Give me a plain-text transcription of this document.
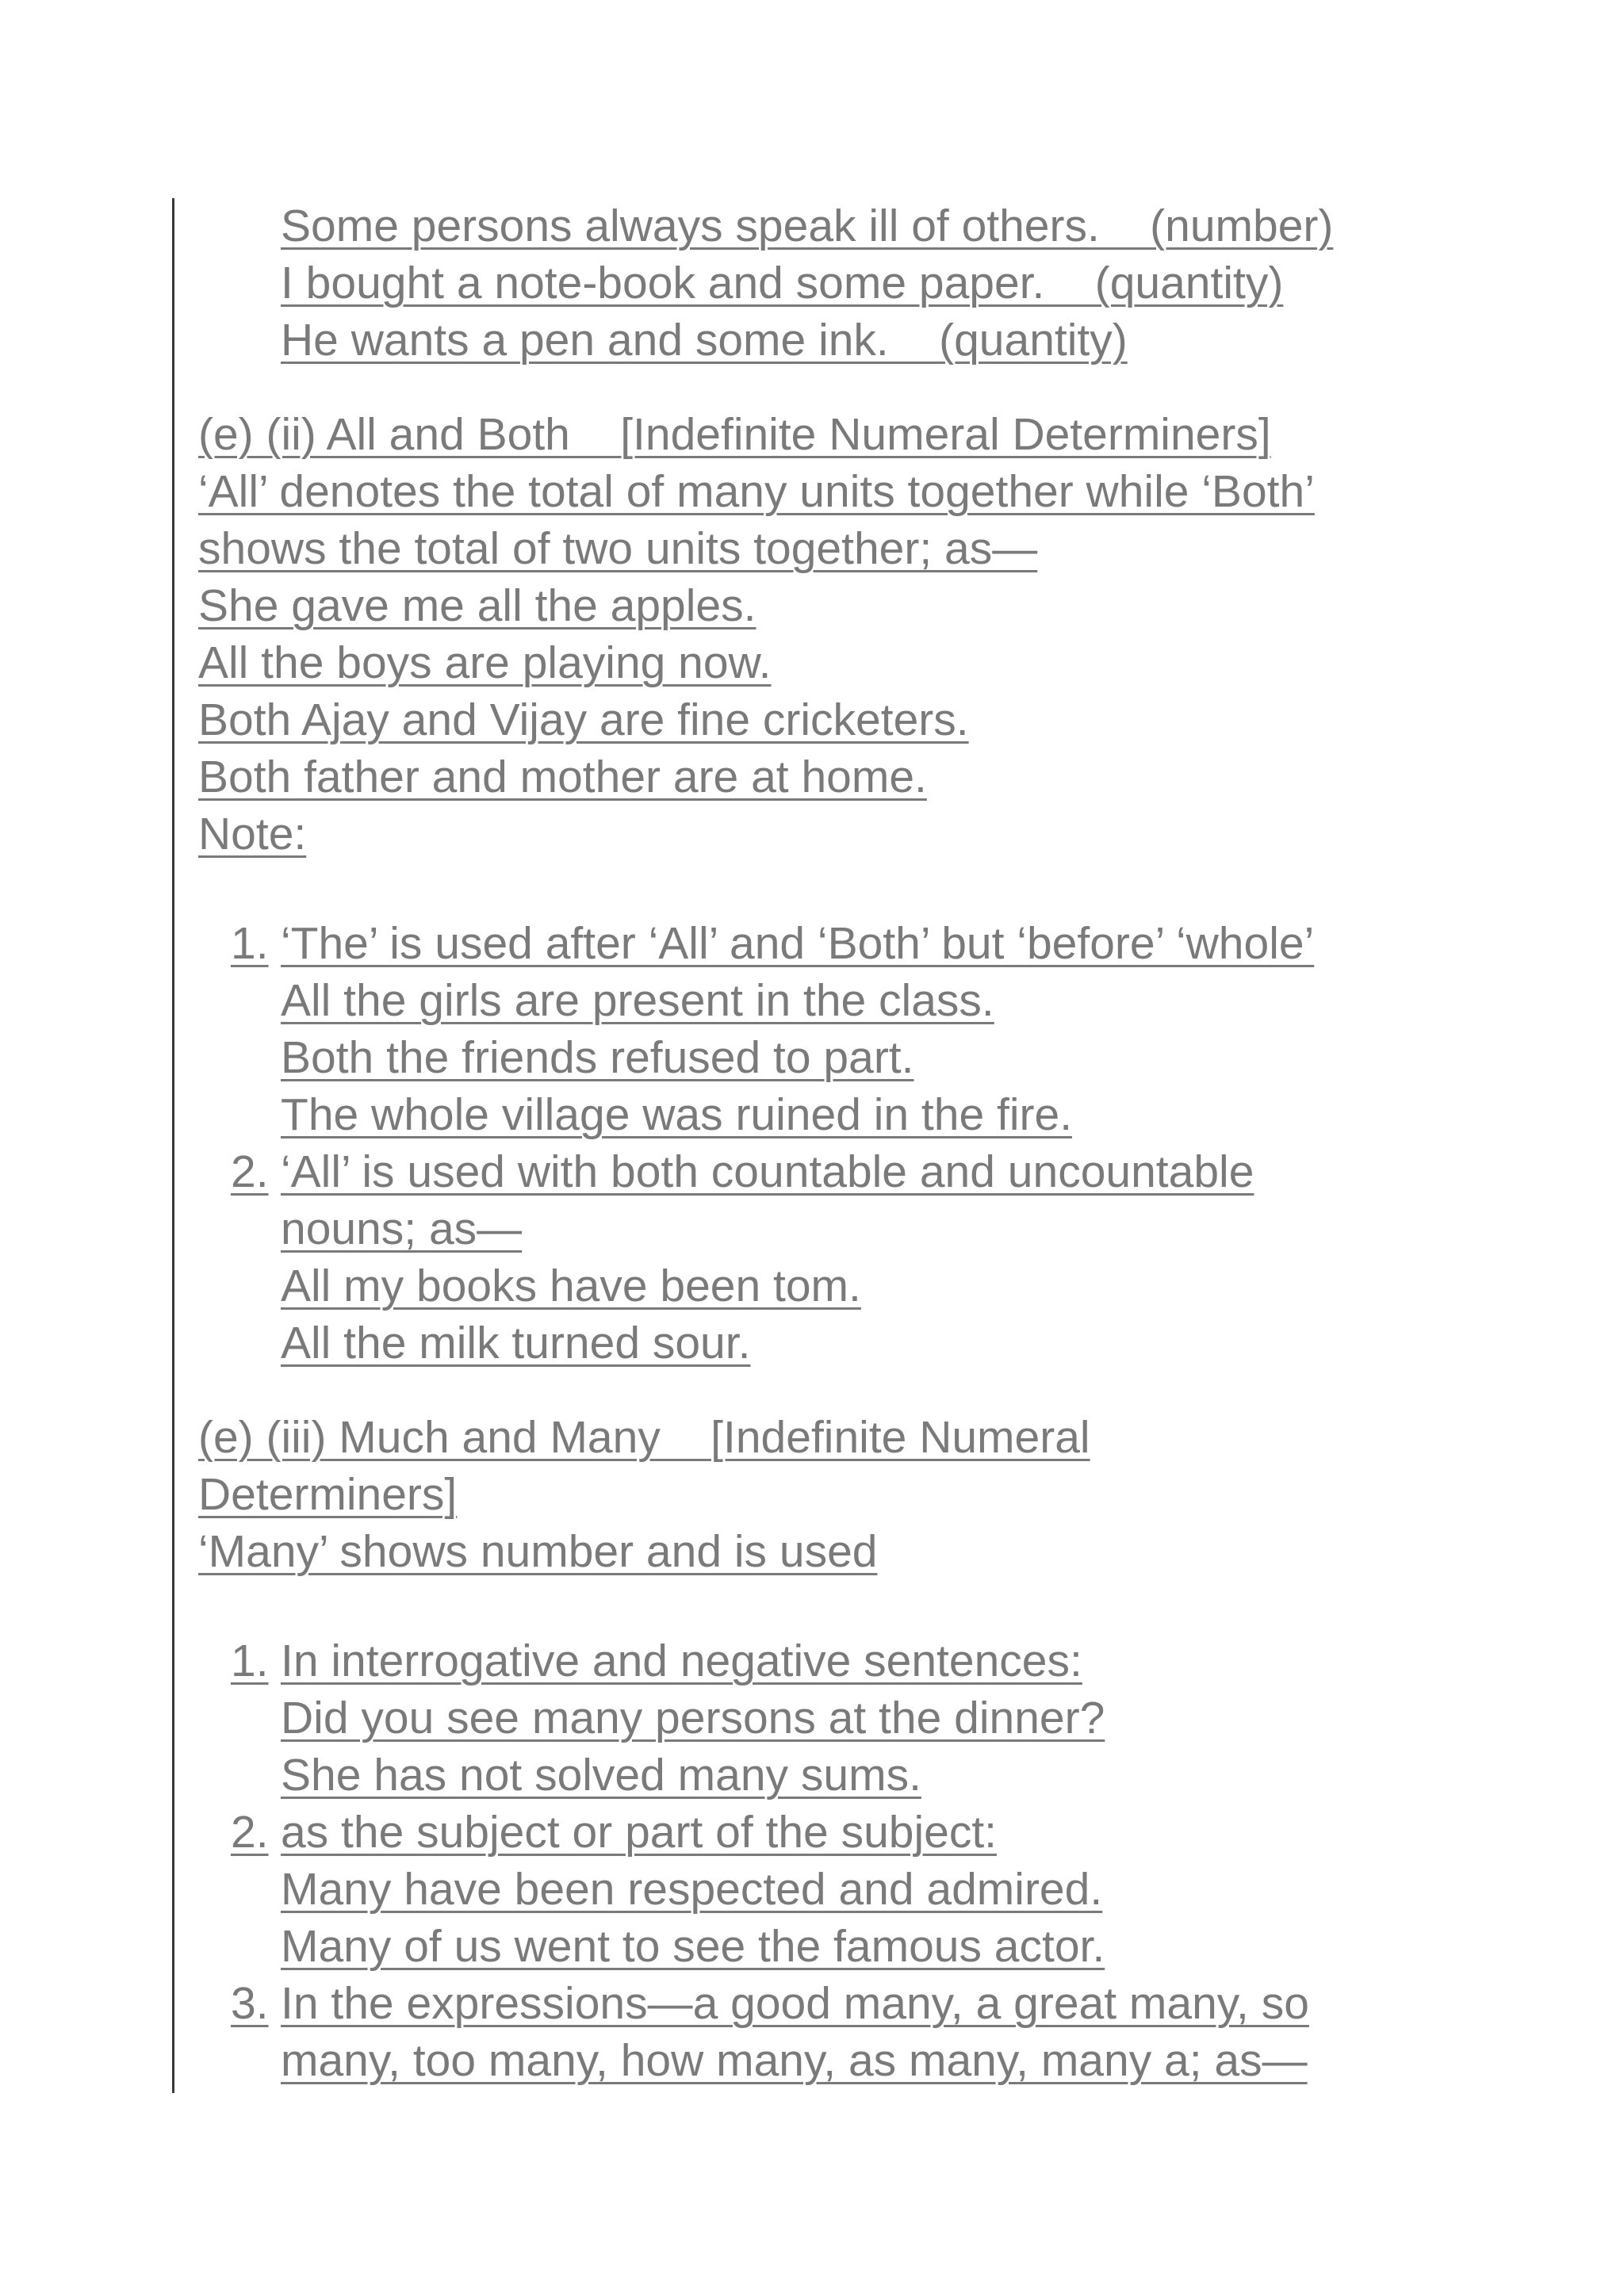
Some persons always speak ill of others.    (number)
I bought a note-book and some paper.    (quantity)
He wants a pen and some ink.    (quantity)
(e) (ii) All and Both    [Indefinite Numeral Determiners]
‘All’ denotes the total of many units together while ‘Both’
shows the total of two units together; as—
She gave me all the apples.
All the boys are playing now.
Both Ajay and Vijay are fine cricketers.
Both father and mother are at home.
Note:
1. ‘The’ is used after ‘All’ and ‘Both’ but ‘before’ ‘whole’
All the girls are present in the class.
Both the friends refused to part.
The whole village was ruined in the fire.
2. ‘All’ is used with both countable and uncountable
nouns; as—
All my books have been tom.
All the milk turned sour.
(e) (iii) Much and Many    [Indefinite Numeral
Determiners]
‘Many’ shows number and is used
1. In interrogative and negative sentences:
Did you see many persons at the dinner?
She has not solved many sums.
2. as the subject or part of the subject:
Many have been respected and admired.
Many of us went to see the famous actor.
3. In the expressions—a good many, a great many, so
many, too many, how many, as many, many a; as—
